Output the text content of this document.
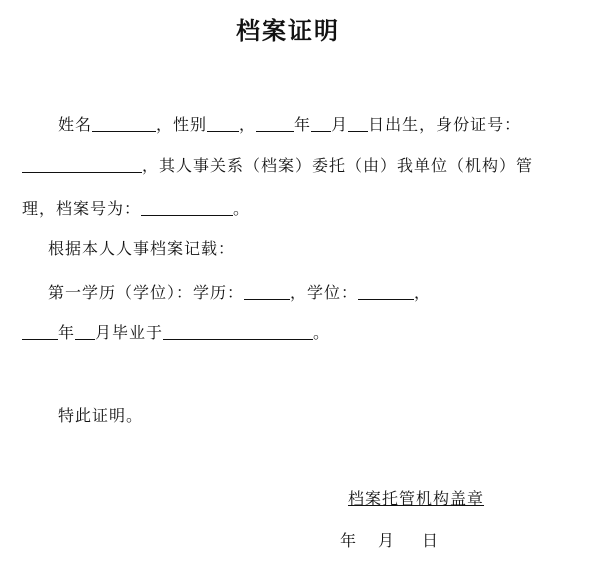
档案证明
姓名	，性别 ， 年 月 日出生，身份证号：
，其人事关系（档案）委托（由）我单位（机构）管
理，档案号为：	。
根据本人人事档案记载：
第一学历（学位）：学历：	，学位：	，
年 月毕业于	。
特此证明。
档案托管机构盖章
年 月 日
